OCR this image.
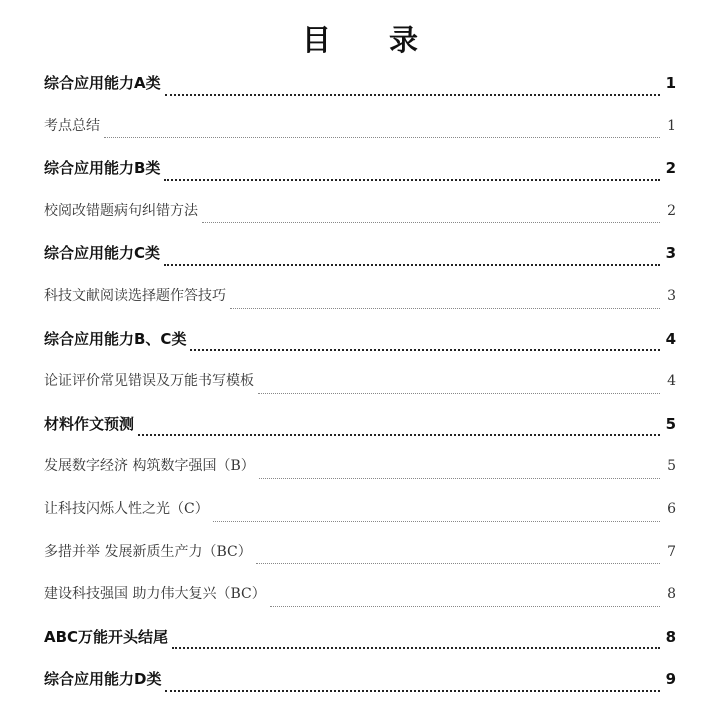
目 录
综合应用能力A类	1
考点总结	1
综合应用能力B类	2
校阅改错题病句纠错方法	2
综合应用能力C类	3
科技文献阅读选择题作答技巧	3
综合应用能力B、C类	4
论证评价常见错误及万能书写模板	4
材料作文预测	5
发展数字经济 构筑数字强国（B）	5
让科技闪烁人性之光（C）	6
多措并举 发展新质生产力（BC）	7
建设科技强国 助力伟大复兴（BC）	8
ABC万能开头结尾	8
综合应用能力D类	9
